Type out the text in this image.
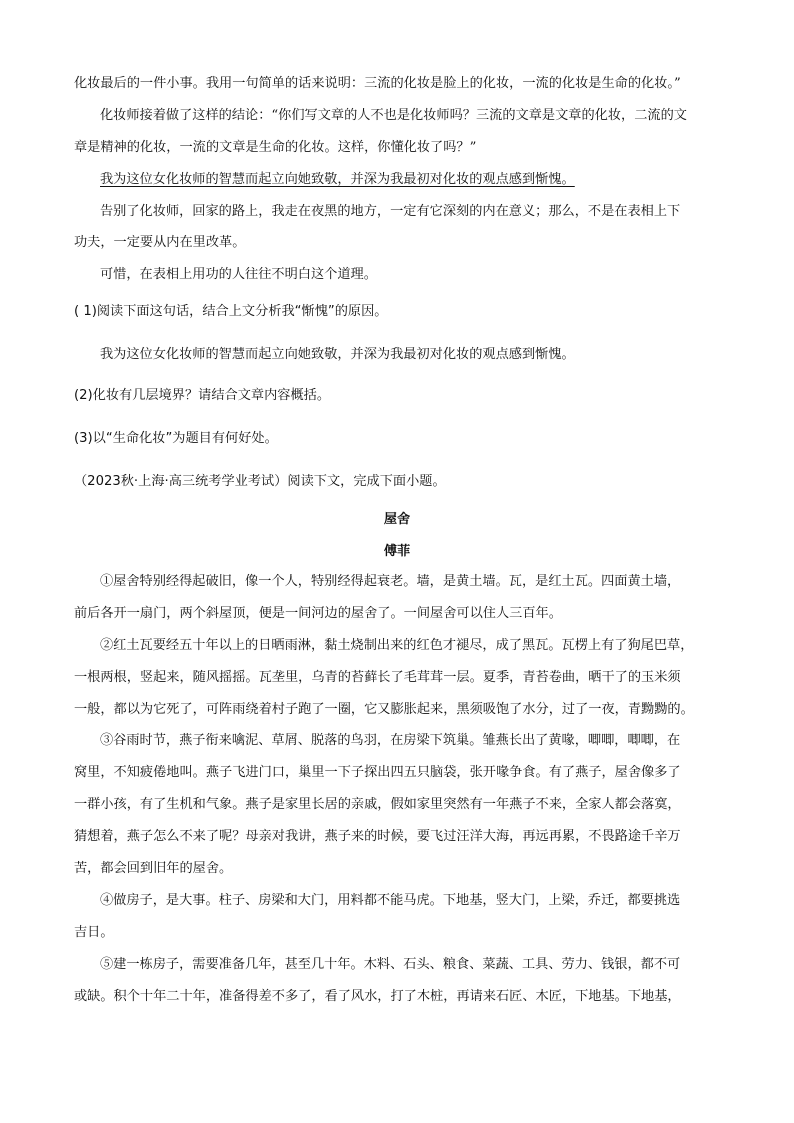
化妆最后的一件小事。我用一句简单的话来说明：三流的化妆是脸上的化妆，一流的化妆是生命的化妆。”
化妆师接着做了这样的结论：“你们写文章的人不也是化妆师吗？三流的文章是文章的化妆，二流的文
章是精神的化妆，一流的文章是生命的化妆。这样，你懂化妆了吗？”
我为这位女化妆师的智慧而起立向她致敬，并深为我最初对化妆的观点感到惭愧。
告别了化妆师，回家的路上，我走在夜黑的地方，一定有它深刻的内在意义；那么，不是在表相上下
功夫，一定要从内在里改革。
可惜，在表相上用功的人往往不明白这个道理。
( 1)阅读下面这句话，结合上文分析我“惭愧”的原因。
我为这位女化妆师的智慧而起立向她致敬，并深为我最初对化妆的观点感到惭愧。
(2)化妆有几层境界？请结合文章内容概括。
(3)以“生命化妆”为题目有何好处。
（2023秋·上海·高三统考学业考试）阅读下文，完成下面小题。
屋舍
傅菲
①屋舍特别经得起破旧，像一个人，特别经得起衰老。墙，是黄土墙。瓦，是红土瓦。四面黄土墙，
前后各开一扇门，两个斜屋顶，便是一间河边的屋舍了。一间屋舍可以住人三百年。
②红土瓦要经五十年以上的日晒雨淋，黏土烧制出来的红色才褪尽，成了黑瓦。瓦楞上有了狗尾巴草，
一根两根，竖起来，随风摇摇。瓦垄里，乌青的苔藓长了毛茸茸一层。夏季，青苔卷曲，晒干了的玉米须
一般，都以为它死了，可阵雨绕着村子跑了一圈，它又膨胀起来，黑须吸饱了水分，过了一夜，青黝黝的。
③谷雨时节，燕子衔来噙泥、草屑、脱落的鸟羽，在房梁下筑巢。雏燕长出了黄喙，唧唧，唧唧，在
窝里，不知疲倦地叫。燕子飞进门口，巢里一下子探出四五只脑袋，张开喙争食。有了燕子，屋舍像多了
一群小孩，有了生机和气象。燕子是家里长居的亲戚，假如家里突然有一年燕子不来，全家人都会落寞，
猜想着，燕子怎么不来了呢？母亲对我讲，燕子来的时候，要飞过汪洋大海，再远再累，不畏路途千辛万
苦，都会回到旧年的屋舍。
④做房子，是大事。柱子、房梁和大门，用料都不能马虎。下地基，竖大门，上梁，乔迁，都要挑选
吉日。
⑤建一栋房子，需要准备几年，甚至几十年。木料、石头、粮食、菜蔬、工具、劳力、钱银，都不可
或缺。积个十年二十年，准备得差不多了，看了风水，打了木桩，再请来石匠、木匠，下地基。下地基，
